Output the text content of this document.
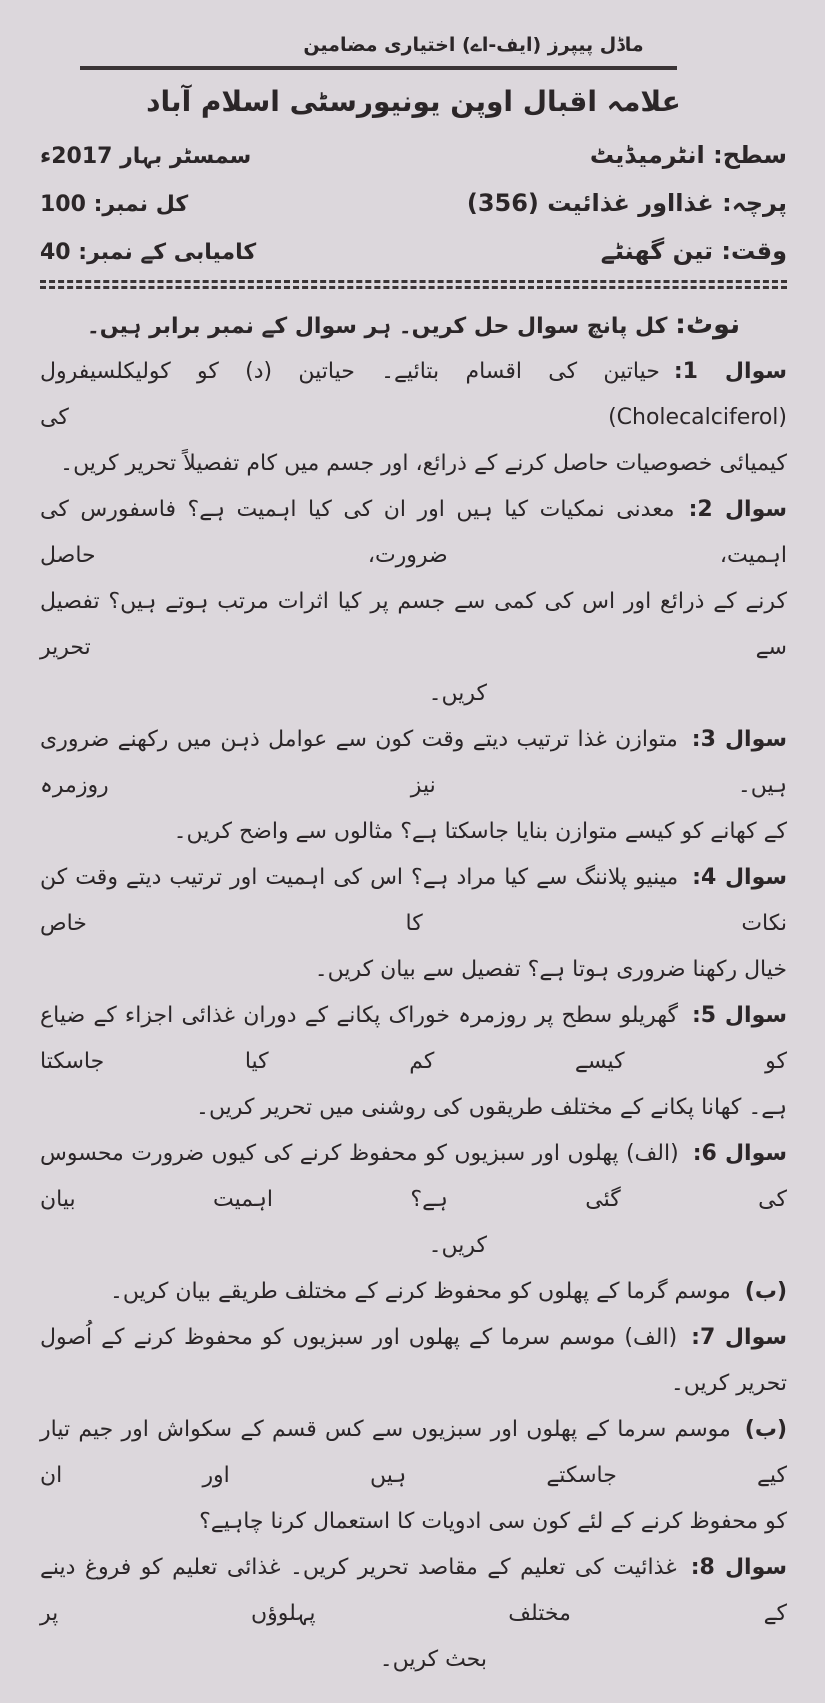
ماڈل پیپرز (ایف-اے) اختیاری مضامین
علامہ اقبال اوپن یونیورسٹی اسلام آباد
سطح: انٹرمیڈیٹ
سمسٹر بہار 2017ء
پرچہ: غذااور غذائیت (356)
کل نمبر: 100
وقت: تین گھنٹے
کامیابی کے نمبر: 40
نوٹ: کل پانچ سوال حل کریں۔ ہر سوال کے نمبر برابر ہیں۔
سوال 1:حیاتین کی اقسام بتائیے۔ حیاتین (د) کو کولیکلسیفرول (Cholecalciferol) کی
کیمیائی خصوصیات حاصل کرنے کے ذرائع، اور جسم میں کام تفصیلاً تحریر کریں۔
سوال 2:معدنی نمکیات کیا ہیں اور ان کی کیا اہمیت ہے؟ فاسفورس کی اہمیت، ضرورت، حاصل
کرنے کے ذرائع اور اس کی کمی سے جسم پر کیا اثرات مرتب ہوتے ہیں؟ تفصیل سے تحریر
کریں۔
سوال 3:متوازن غذا ترتیب دیتے وقت کون سے عوامل ذہن میں رکھنے ضروری ہیں۔ نیز روزمرہ
کے کھانے کو کیسے متوازن بنایا جاسکتا ہے؟ مثالوں سے واضح کریں۔
سوال 4:مینیو پلاننگ سے کیا مراد ہے؟ اس کی اہمیت اور ترتیب دیتے وقت کن نکات کا خاص
خیال رکھنا ضروری ہوتا ہے؟ تفصیل سے بیان کریں۔
سوال 5:گھریلو سطح پر روزمرہ خوراک پکانے کے دوران غذائی اجزاء کے ضیاع کو کیسے کم کیا جاسکتا
ہے۔ کھانا پکانے کے مختلف طریقوں کی روشنی میں تحریر کریں۔
سوال 6:(الف) پھلوں اور سبزیوں کو محفوظ کرنے کی کیوں ضرورت محسوس کی گئی ہے؟ اہمیت بیان
کریں۔
(ب)موسم گرما کے پھلوں کو محفوظ کرنے کے مختلف طریقے بیان کریں۔
سوال 7:(الف) موسم سرما کے پھلوں اور سبزیوں کو محفوظ کرنے کے اُصول تحریر کریں۔
(ب)موسم سرما کے پھلوں اور سبزیوں سے کس قسم کے سکواش اور جیم تیار کیے جاسکتے ہیں اور ان
کو محفوظ کرنے کے لئے کون سی ادویات کا استعمال کرنا چاہیے؟
سوال 8:غذائیت کی تعلیم کے مقاصد تحریر کریں۔ غذائی تعلیم کو فروغ دینے کے مختلف پہلوؤں پر
بحث کریں۔
